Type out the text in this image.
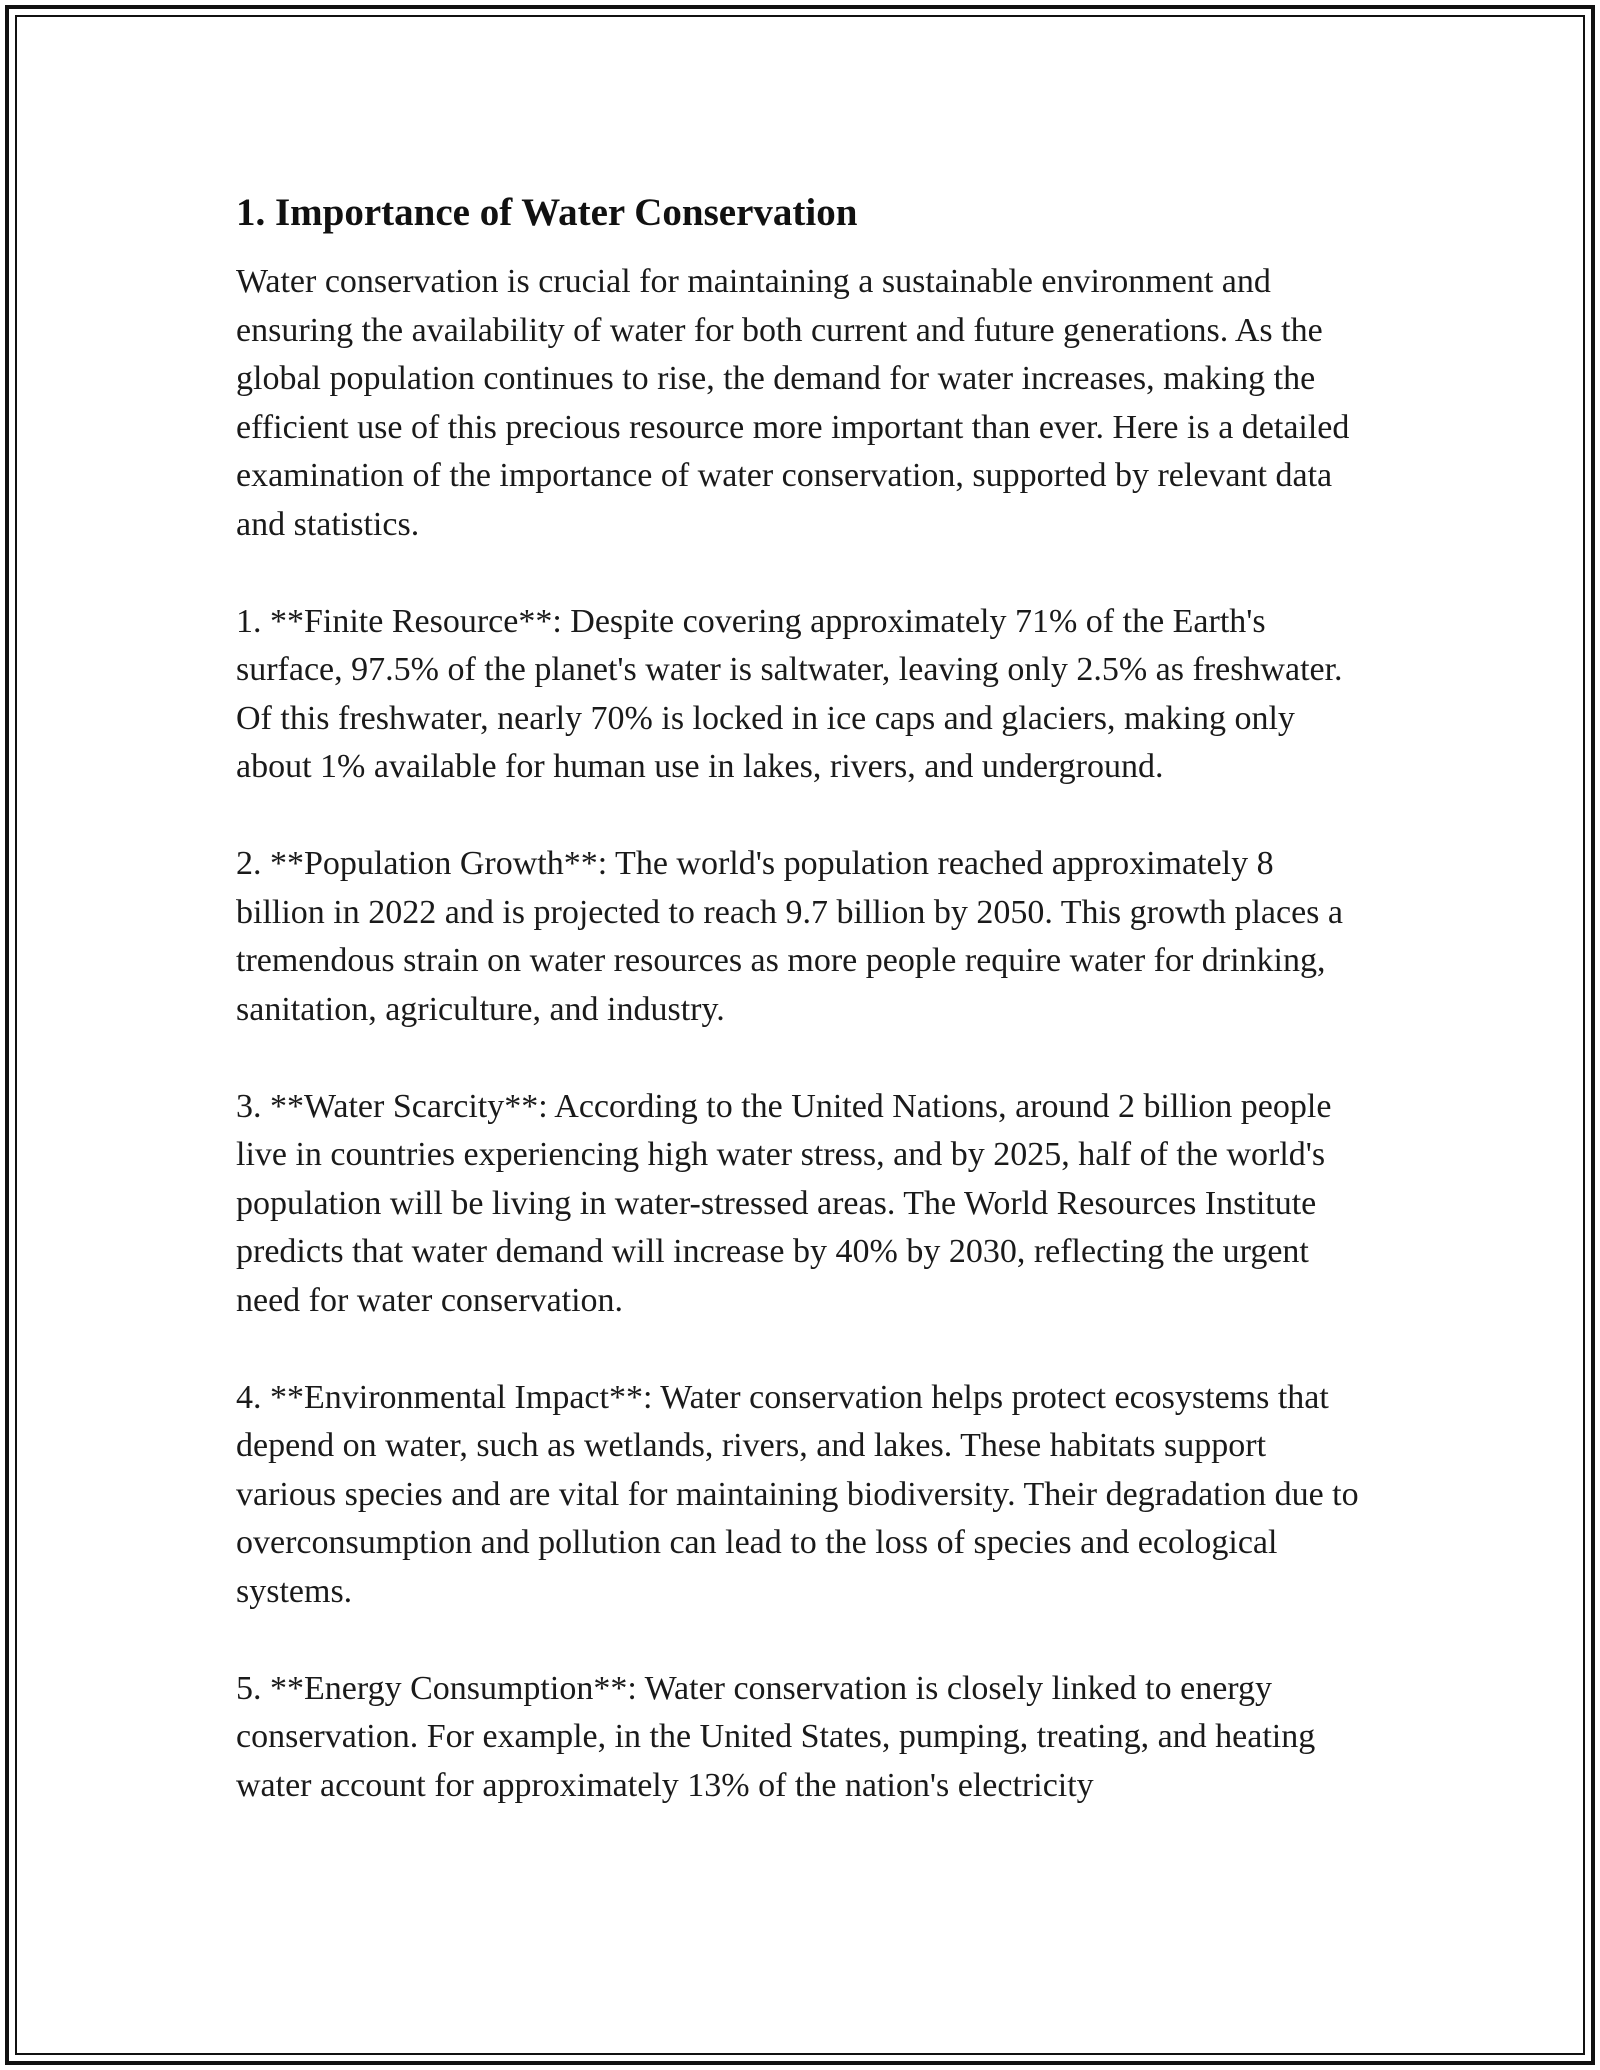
1. Importance of Water Conservation

Water conservation is crucial for maintaining a sustainable environment and ensuring the availability of water for both current and future generations. As the global population continues to rise, the demand for water increases, making the efficient use of this precious resource more important than ever. Here is a detailed examination of the importance of water conservation, supported by relevant data and statistics.

1. **Finite Resource**: Despite covering approximately 71% of the Earth's surface, 97.5% of the planet's water is saltwater, leaving only 2.5% as freshwater. Of this freshwater, nearly 70% is locked in ice caps and glaciers, making only about 1% available for human use in lakes, rivers, and underground.

2. **Population Growth**: The world's population reached approximately 8 billion in 2022 and is projected to reach 9.7 billion by 2050. This growth places a tremendous strain on water resources as more people require water for drinking, sanitation, agriculture, and industry.

3. **Water Scarcity**: According to the United Nations, around 2 billion people live in countries experiencing high water stress, and by 2025, half of the world's population will be living in water-stressed areas. The World Resources Institute predicts that water demand will increase by 40% by 2030, reflecting the urgent need for water conservation.

4. **Environmental Impact**: Water conservation helps protect ecosystems that depend on water, such as wetlands, rivers, and lakes. These habitats support various species and are vital for maintaining biodiversity. Their degradation due to overconsumption and pollution can lead to the loss of species and ecological systems.

5. **Energy Consumption**: Water conservation is closely linked to energy conservation. For example, in the United States, pumping, treating, and heating water account for approximately 13% of the nation's electricity
